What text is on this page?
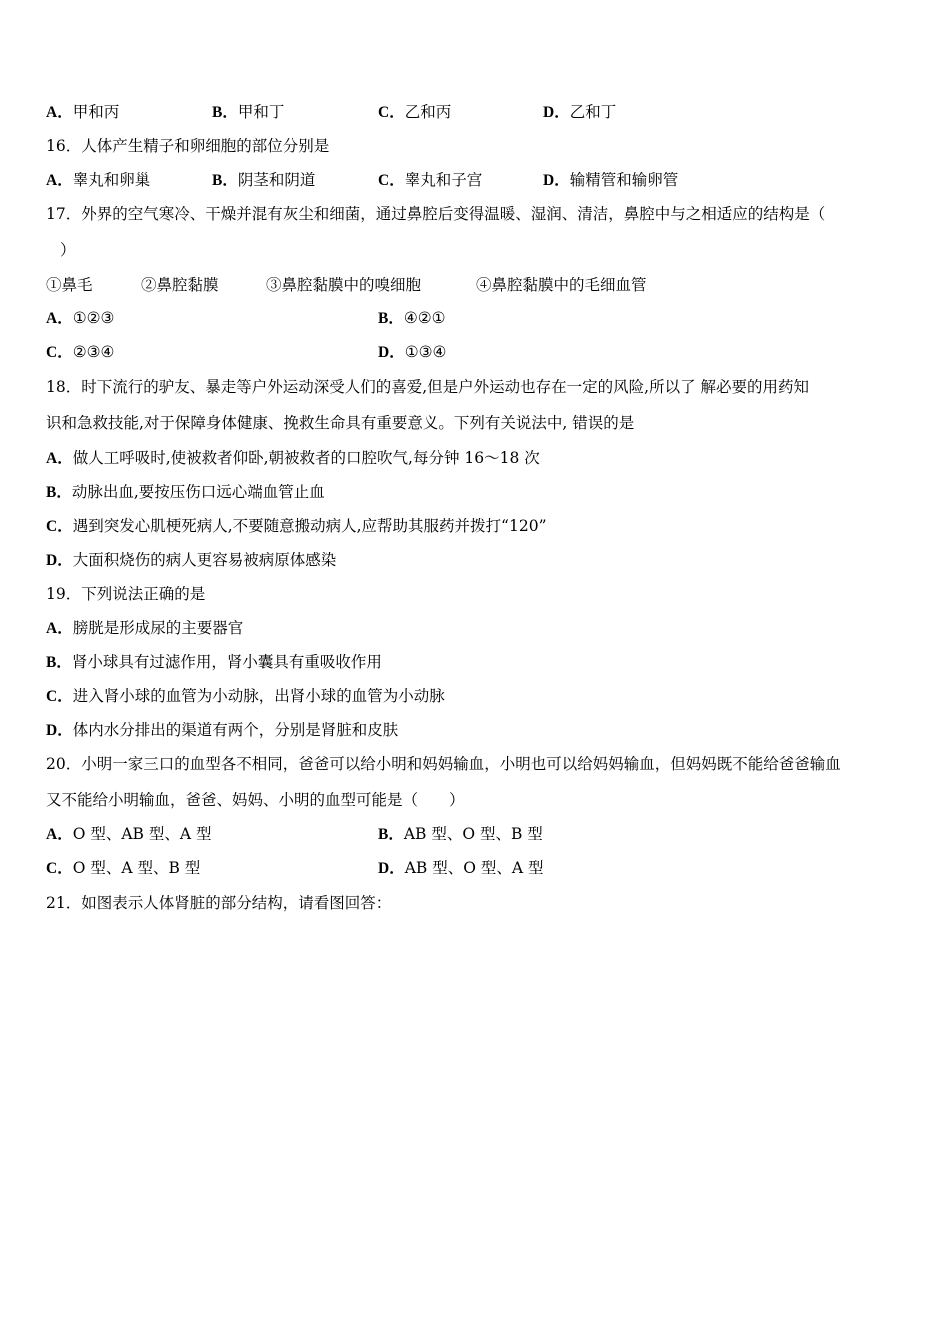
A．甲和丙	B．甲和丁	C．乙和丙	D．乙和丁
16．人体产生精子和卵细胞的部位分别是
A．睾丸和卵巢	B．阴茎和阴道	C．睾丸和子宫	D．输精管和输卵管
17．外界的空气寒冷、干燥并混有灰尘和细菌，通过鼻腔后变得温暖、湿润、清洁，鼻腔中与之相适应的结构是（
）
①鼻毛	②鼻腔黏膜	③鼻腔黏膜中的嗅细胞	④鼻腔黏膜中的毛细血管
A．①②③	B．④②①
C．②③④	D．①③④
18．时下流行的驴友、暴走等户外运动深受人们的喜爱,但是户外运动也存在一定的风险,所以了 解必要的用药知
识和急救技能,对于保障身体健康、挽救生命具有重要意义。下列有关说法中, 错误的是
A．做人工呼吸时,使被救者仰卧,朝被救者的口腔吹气,每分钟 16～18 次
B．动脉出血,要按压伤口远心端血管止血
C．遇到突发心肌梗死病人,不要随意搬动病人,应帮助其服药并拨打“120”
D．大面积烧伤的病人更容易被病原体感染
19．下列说法正确的是
A．膀胱是形成尿的主要器官
B．肾小球具有过滤作用，肾小囊具有重吸收作用
C．进入肾小球的血管为小动脉，出肾小球的血管为小动脉
D．体内水分排出的渠道有两个，分别是肾脏和皮肤
20．小明一家三口的血型各不相同，爸爸可以给小明和妈妈输血，小明也可以给妈妈输血，但妈妈既不能给爸爸输血
又不能给小明输血，爸爸、妈妈、小明的血型可能是（　　）
A．O 型、AB 型、A 型	B．AB 型、O 型、B 型
C．O 型、A 型、B 型	D．AB 型、O 型、A 型
21．如图表示人体肾脏的部分结构，请看图回答：
